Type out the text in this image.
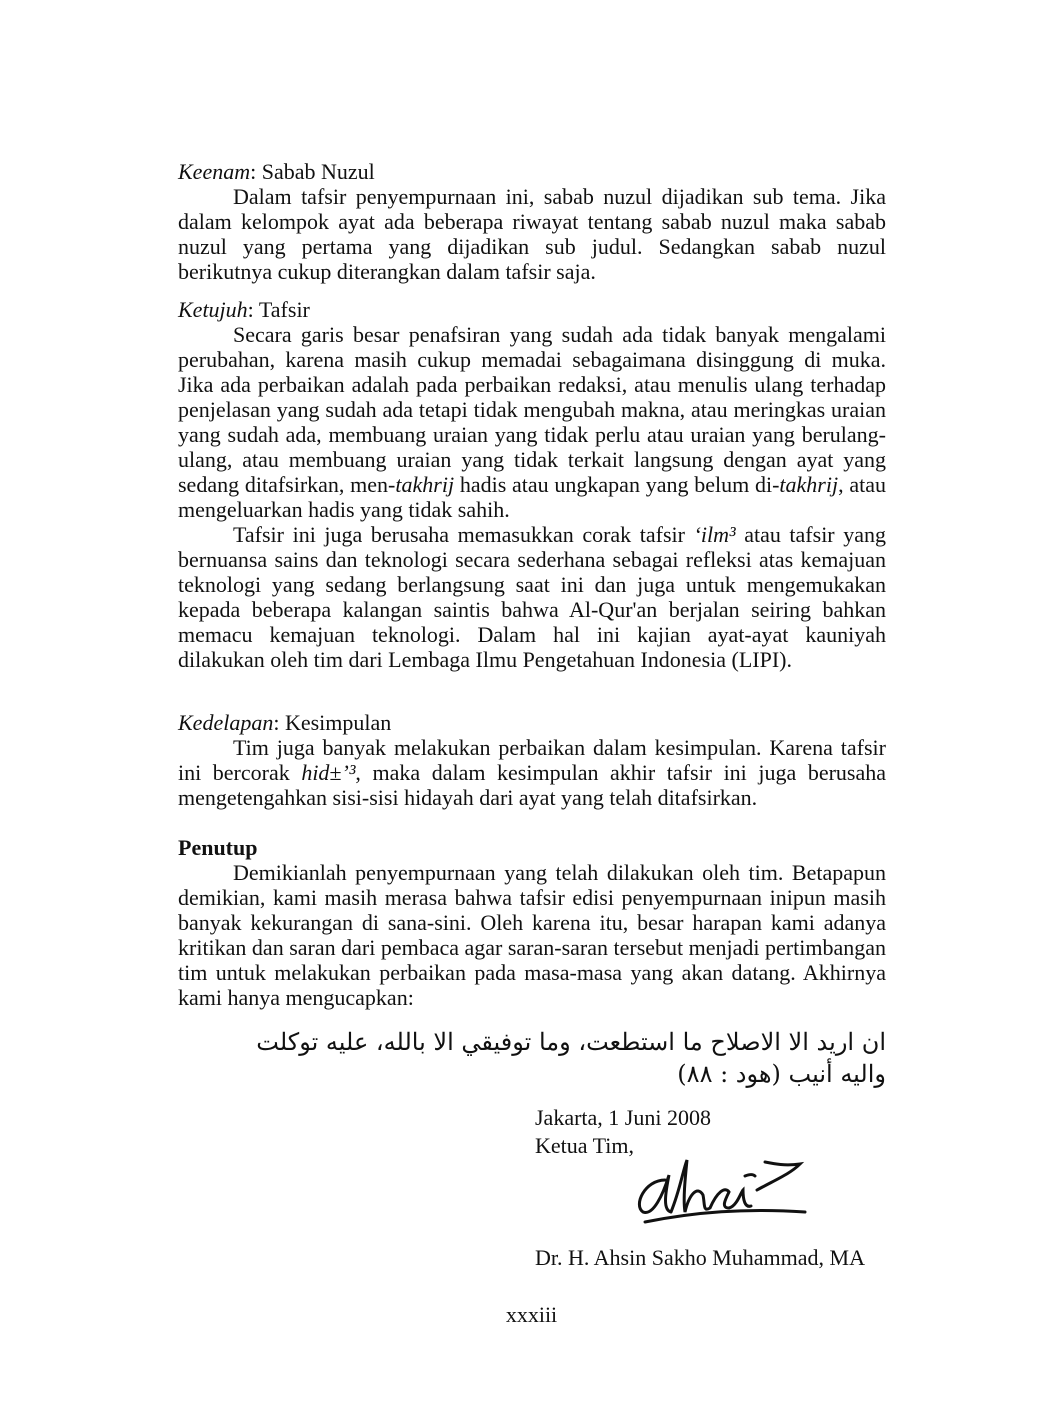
Keenam: Sabab Nuzul

Dalam tafsir penyempurnaan ini, sabab nuzul dijadikan sub tema. Jika dalam kelompok ayat ada beberapa riwayat tentang sabab nuzul maka sabab nuzul yang pertama yang dijadikan sub judul. Sedangkan sabab nuzul berikutnya cukup diterangkan dalam tafsir saja.

Ketujuh: Tafsir

Secara garis besar penafsiran yang sudah ada tidak banyak mengalami perubahan, karena masih cukup memadai sebagaimana disinggung di muka. Jika ada perbaikan adalah pada perbaikan redaksi, atau menulis ulang terhadap penjelasan yang sudah ada tetapi tidak mengubah makna, atau meringkas uraian yang sudah ada, membuang uraian yang tidak perlu atau uraian yang berulang-ulang, atau membuang uraian yang tidak terkait langsung dengan ayat yang sedang ditafsirkan, men-takhrij hadis atau ungkapan yang belum di-takhrij, atau mengeluarkan hadis yang tidak sahih.

Tafsir ini juga berusaha memasukkan corak tafsir ‘ilm³ atau tafsir yang bernuansa sains dan teknologi secara sederhana sebagai refleksi atas kemajuan teknologi yang sedang berlangsung saat ini dan juga untuk mengemukakan kepada beberapa kalangan saintis bahwa Al-Qur'an berjalan seiring bahkan memacu kemajuan teknologi. Dalam hal ini kajian ayat-ayat kauniyah dilakukan oleh tim dari Lembaga Ilmu Pengetahuan Indonesia (LIPI).

Kedelapan: Kesimpulan

Tim juga banyak melakukan perbaikan dalam kesimpulan. Karena tafsir ini bercorak hid±’³, maka dalam kesimpulan akhir tafsir ini juga berusaha mengetengahkan sisi-sisi hidayah dari ayat yang telah ditafsirkan.

Penutup

Demikianlah penyempurnaan yang telah dilakukan oleh tim. Betapapun demikian, kami masih merasa bahwa tafsir edisi penyempurnaan inipun masih banyak kekurangan di sana-sini. Oleh karena itu, besar harapan kami adanya kritikan dan saran dari pembaca agar saran-saran tersebut menjadi pertimbangan tim untuk melakukan perbaikan pada masa-masa yang akan datang. Akhirnya kami hanya mengucapkan:

ان اريد الا الاصلاح ما استطعت، وما توفيقي الا بالله، عليه توكلت واليه أنيب (هود : ٨٨)
Jakarta, 1 Juni 2008
Ketua Tim,
Dr. H. Ahsin Sakho Muhammad, MA
xxxiii
